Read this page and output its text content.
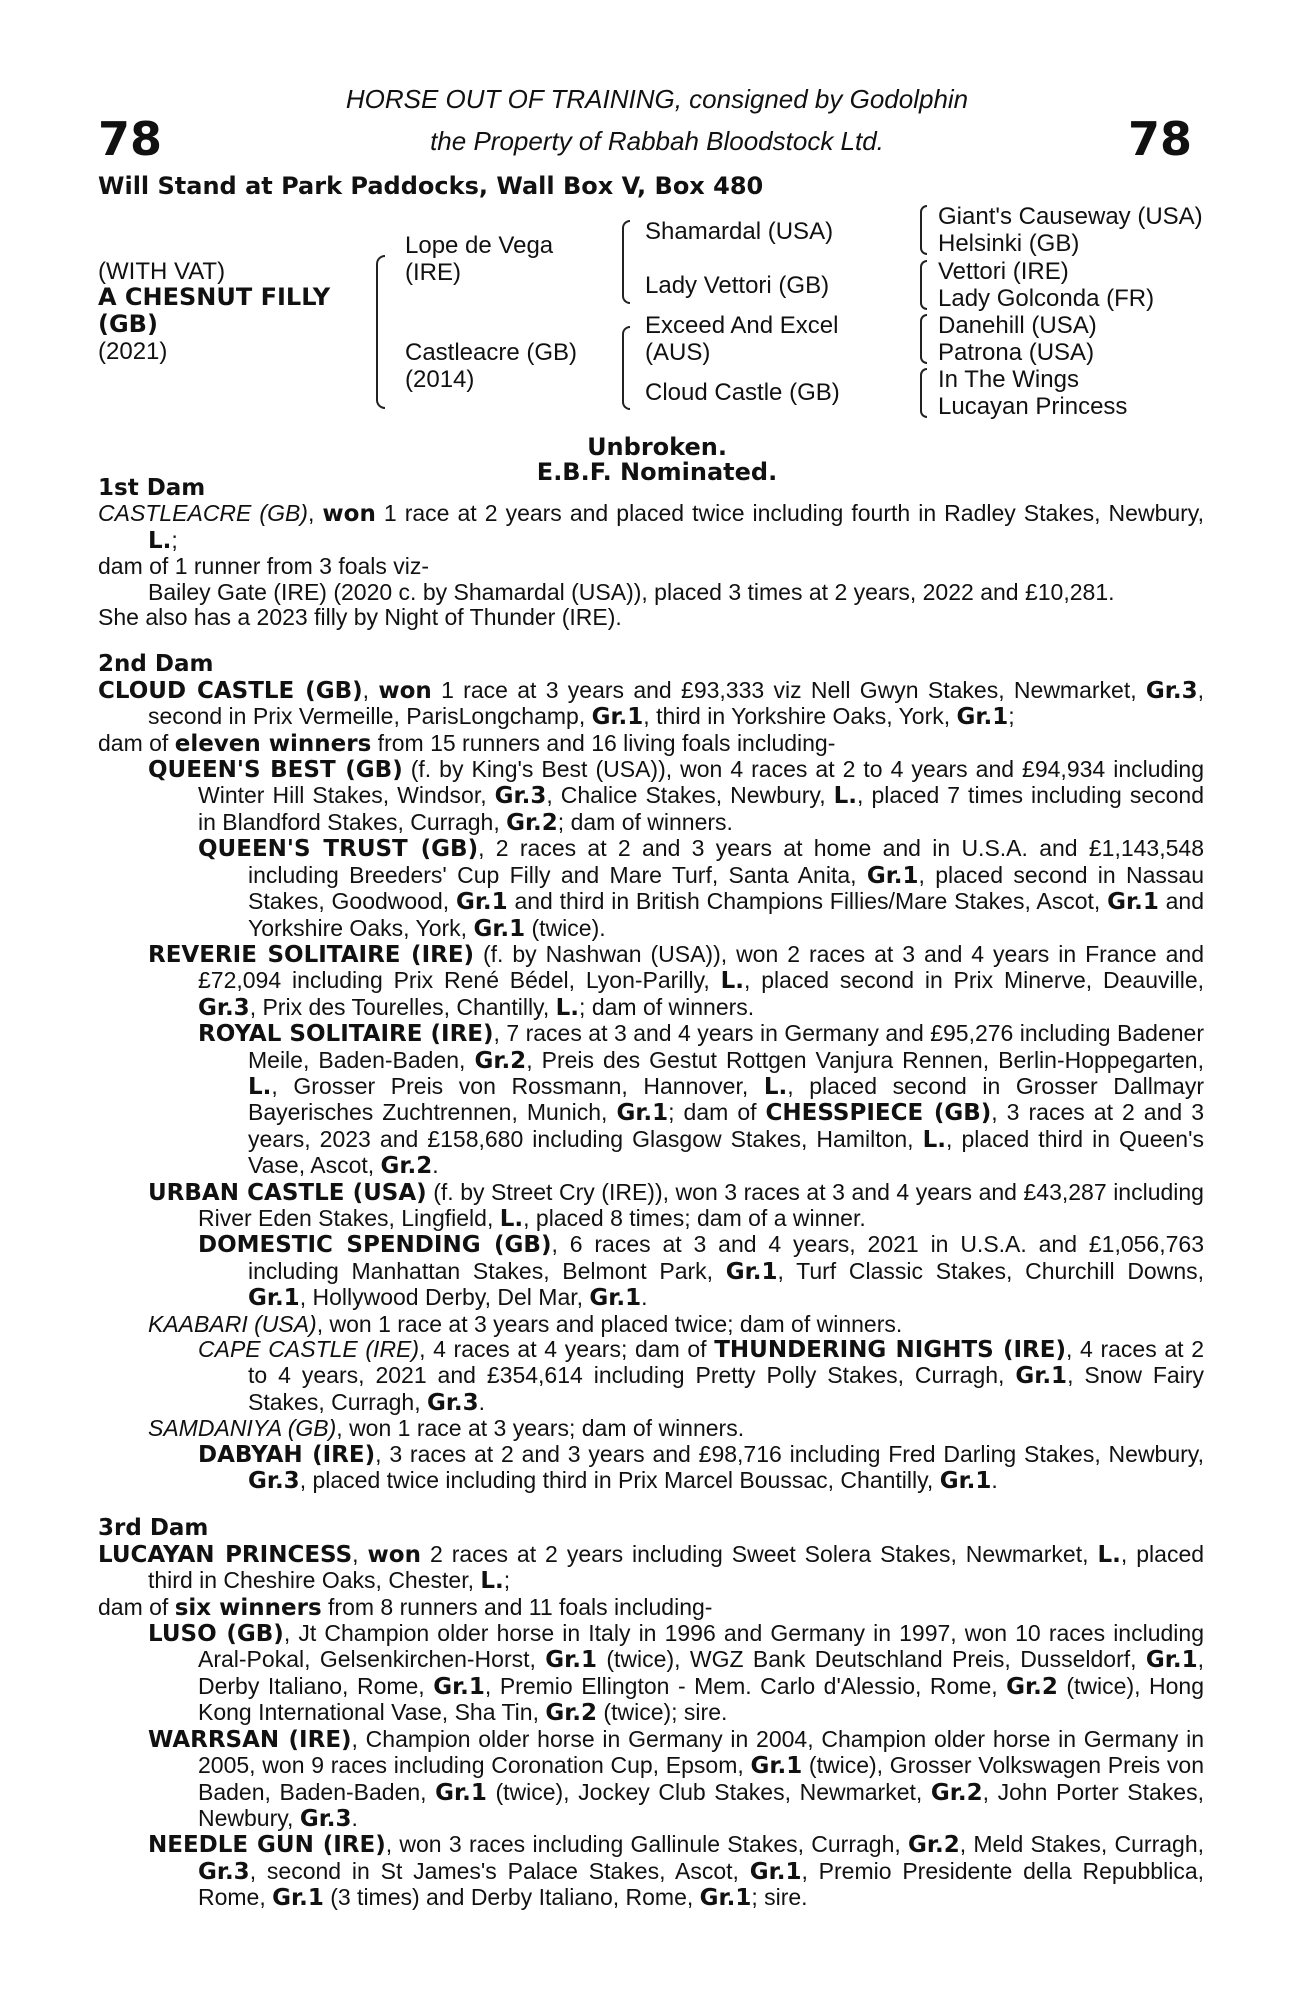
78	78
HORSE OUT OF TRAINING, consigned by Godolphin
the Property of Rabbah Bloodstock Ltd.
Will Stand at Park Paddocks, Wall Box V, Box 480
(WITH VAT)
A CHESNUT FILLY
(GB)
(2021)
Lope de Vega
(IRE)
Castleacre (GB)
(2014)
Shamardal (USA)
Lady Vettori (GB)
Exceed And Excel
(AUS)
Cloud Castle (GB)
Giant's Causeway (USA)
Helsinki (GB)
Vettori (IRE)
Lady Golconda (FR)
Danehill (USA)
Patrona (USA)
In The Wings
Lucayan Princess
Unbroken.
E.B.F. Nominated.
1st Dam

CASTLEACRE (GB), won 1 race at 2 years and placed twice including fourth in Radley Stakes, Newbury, L.;

dam of 1 runner from 3 foals viz-

Bailey Gate (IRE) (2020 c. by Shamardal (USA)), placed 3 times at 2 years, 2022 and £10,281.

She also has a 2023 filly by Night of Thunder (IRE).

2nd Dam

CLOUD CASTLE (GB), won 1 race at 3 years and £93,333 viz Nell Gwyn Stakes, Newmarket, Gr.3, second in Prix Vermeille, ParisLongchamp, Gr.1, third in Yorkshire Oaks, York, Gr.1;

dam of eleven winners from 15 runners and 16 living foals including-

QUEEN'S BEST (GB) (f. by King's Best (USA)), won 4 races at 2 to 4 years and £94,934 including Winter Hill Stakes, Windsor, Gr.3, Chalice Stakes, Newbury, L., placed 7 times including second in Blandford Stakes, Curragh, Gr.2; dam of winners.

QUEEN'S TRUST (GB), 2 races at 2 and 3 years at home and in U.S.A. and £1,143,548 including Breeders' Cup Filly and Mare Turf, Santa Anita, Gr.1, placed second in Nassau Stakes, Goodwood, Gr.1 and third in British Champions Fillies/Mare Stakes, Ascot, Gr.1 and Yorkshire Oaks, York, Gr.1 (twice).

REVERIE SOLITAIRE (IRE) (f. by Nashwan (USA)), won 2 races at 3 and 4 years in France and £72,094 including Prix René Bédel, Lyon-Parilly, L., placed second in Prix Minerve, Deauville, Gr.3, Prix des Tourelles, Chantilly, L.; dam of winners.

ROYAL SOLITAIRE (IRE), 7 races at 3 and 4 years in Germany and £95,276 including Badener Meile, Baden-Baden, Gr.2, Preis des Gestut Rottgen Vanjura Rennen, Berlin-Hoppegarten, L., Grosser Preis von Rossmann, Hannover, L., placed second in Grosser Dallmayr Bayerisches Zuchtrennen, Munich, Gr.1; dam of CHESSPIECE (GB), 3 races at 2 and 3 years, 2023 and £158,680 including Glasgow Stakes, Hamilton, L., placed third in Queen's Vase, Ascot, Gr.2.

URBAN CASTLE (USA) (f. by Street Cry (IRE)), won 3 races at 3 and 4 years and £43,287 including River Eden Stakes, Lingfield, L., placed 8 times; dam of a winner.

DOMESTIC SPENDING (GB), 6 races at 3 and 4 years, 2021 in U.S.A. and £1,056,763 including Manhattan Stakes, Belmont Park, Gr.1, Turf Classic Stakes, Churchill Downs, Gr.1, Hollywood Derby, Del Mar, Gr.1.

KAABARI (USA), won 1 race at 3 years and placed twice; dam of winners.

CAPE CASTLE (IRE), 4 races at 4 years; dam of THUNDERING NIGHTS (IRE), 4 races at 2 to 4 years, 2021 and £354,614 including Pretty Polly Stakes, Curragh, Gr.1, Snow Fairy Stakes, Curragh, Gr.3.

SAMDANIYA (GB), won 1 race at 3 years; dam of winners.

DABYAH (IRE), 3 races at 2 and 3 years and £98,716 including Fred Darling Stakes, Newbury, Gr.3, placed twice including third in Prix Marcel Boussac, Chantilly, Gr.1.

3rd Dam

LUCAYAN PRINCESS, won 2 races at 2 years including Sweet Solera Stakes, Newmarket, L., placed third in Cheshire Oaks, Chester, L.;

dam of six winners from 8 runners and 11 foals including-

LUSO (GB), Jt Champion older horse in Italy in 1996 and Germany in 1997, won 10 races including Aral-Pokal, Gelsenkirchen-Horst, Gr.1 (twice), WGZ Bank Deutschland Preis, Dusseldorf, Gr.1, Derby Italiano, Rome, Gr.1, Premio Ellington - Mem. Carlo d'Alessio, Rome, Gr.2 (twice), Hong Kong International Vase, Sha Tin, Gr.2 (twice); sire.

WARRSAN (IRE), Champion older horse in Germany in 2004, Champion older horse in Germany in 2005, won 9 races including Coronation Cup, Epsom, Gr.1 (twice), Grosser Volkswagen Preis von Baden, Baden-Baden, Gr.1 (twice), Jockey Club Stakes, Newmarket, Gr.2, John Porter Stakes, Newbury, Gr.3.

NEEDLE GUN (IRE), won 3 races including Gallinule Stakes, Curragh, Gr.2, Meld Stakes, Curragh, Gr.3, second in St James's Palace Stakes, Ascot, Gr.1, Premio Presidente della Repubblica, Rome, Gr.1 (3 times) and Derby Italiano, Rome, Gr.1; sire.
